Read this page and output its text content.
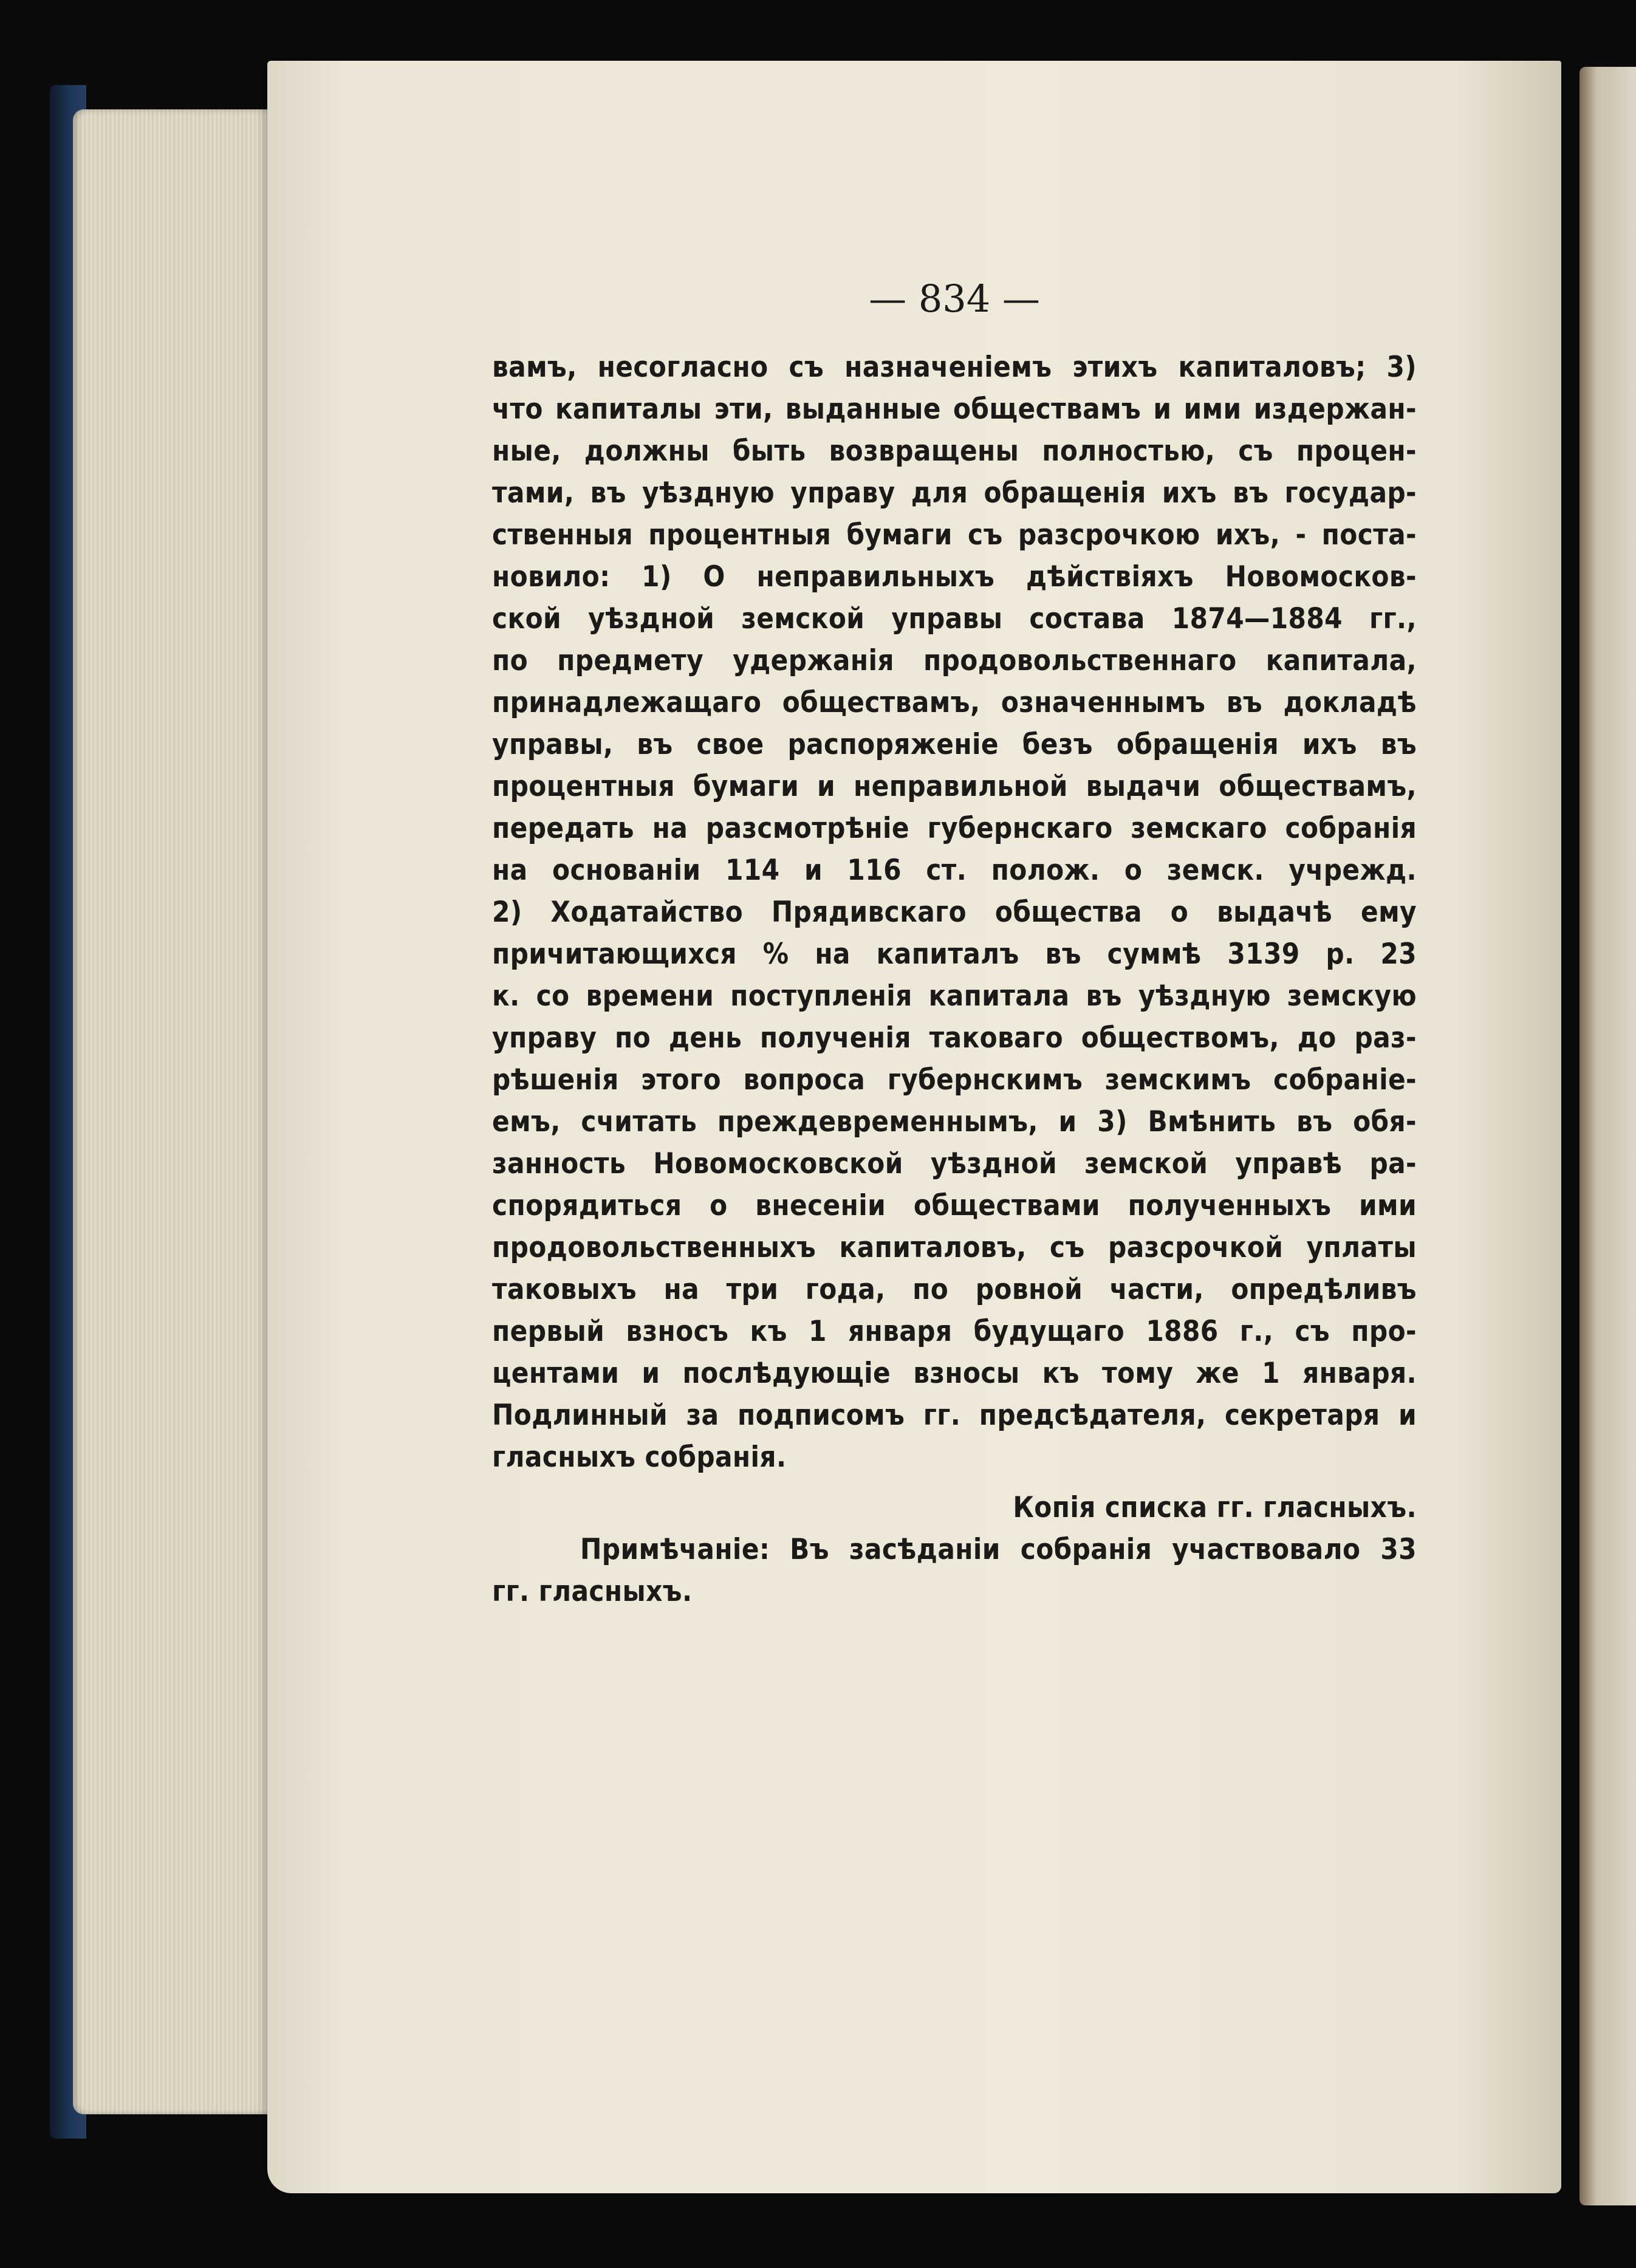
— 834 —
вамъ, несогласно съ назначеніемъ этихъ капиталовъ; 3)
что капиталы эти, выданные обществамъ и ими издержан-
ные, должны быть возвращены полностью, съ процен-
тами, въ уѣздную управу для обращенія ихъ въ государ-
ственныя процентныя бумаги съ разсрочкою ихъ, - поста-
новило: 1) О неправильныхъ дѣйствіяхъ Новомосков-
ской уѣздной земской управы состава 1874—1884 гг.,
по предмету удержанія продовольственнаго капитала,
принадлежащаго обществамъ, означеннымъ въ докладѣ
управы, въ свое распоряженіе безъ обращенія ихъ въ
процентныя бумаги и неправильной выдачи обществамъ,
передать на разсмотрѣніе губернскаго земскаго собранія
на основаніи 114 и 116 ст. полож. о земск. учрежд.
2) Ходатайство Прядивскаго общества о выдачѣ ему
причитающихся % на капиталъ въ суммѣ 3139 р. 23
к. со времени поступленія капитала въ уѣздную земскую
управу по день полученія таковаго обществомъ, до раз-
рѣшенія этого вопроса губернскимъ земскимъ собраніе-
емъ, считать преждевременнымъ, и 3) Вмѣнить въ обя-
занность Новомосковской уѣздной земской управѣ ра-
спорядиться о внесеніи обществами полученныхъ ими
продовольственныхъ капиталовъ, съ разсрочкой уплаты
таковыхъ на три года, по ровной части, опредѣливъ
первый взносъ къ 1 января будущаго 1886 г., съ про-
центами и послѣдующіе взносы къ тому же 1 января.
Подлинный за подписомъ гг. предсѣдателя, секретаря и
гласныхъ собранія.
Копія списка гг. гласныхъ.
Примѣчаніе: Въ засѣданіи собранія участвовало 33
гг. гласныхъ.
